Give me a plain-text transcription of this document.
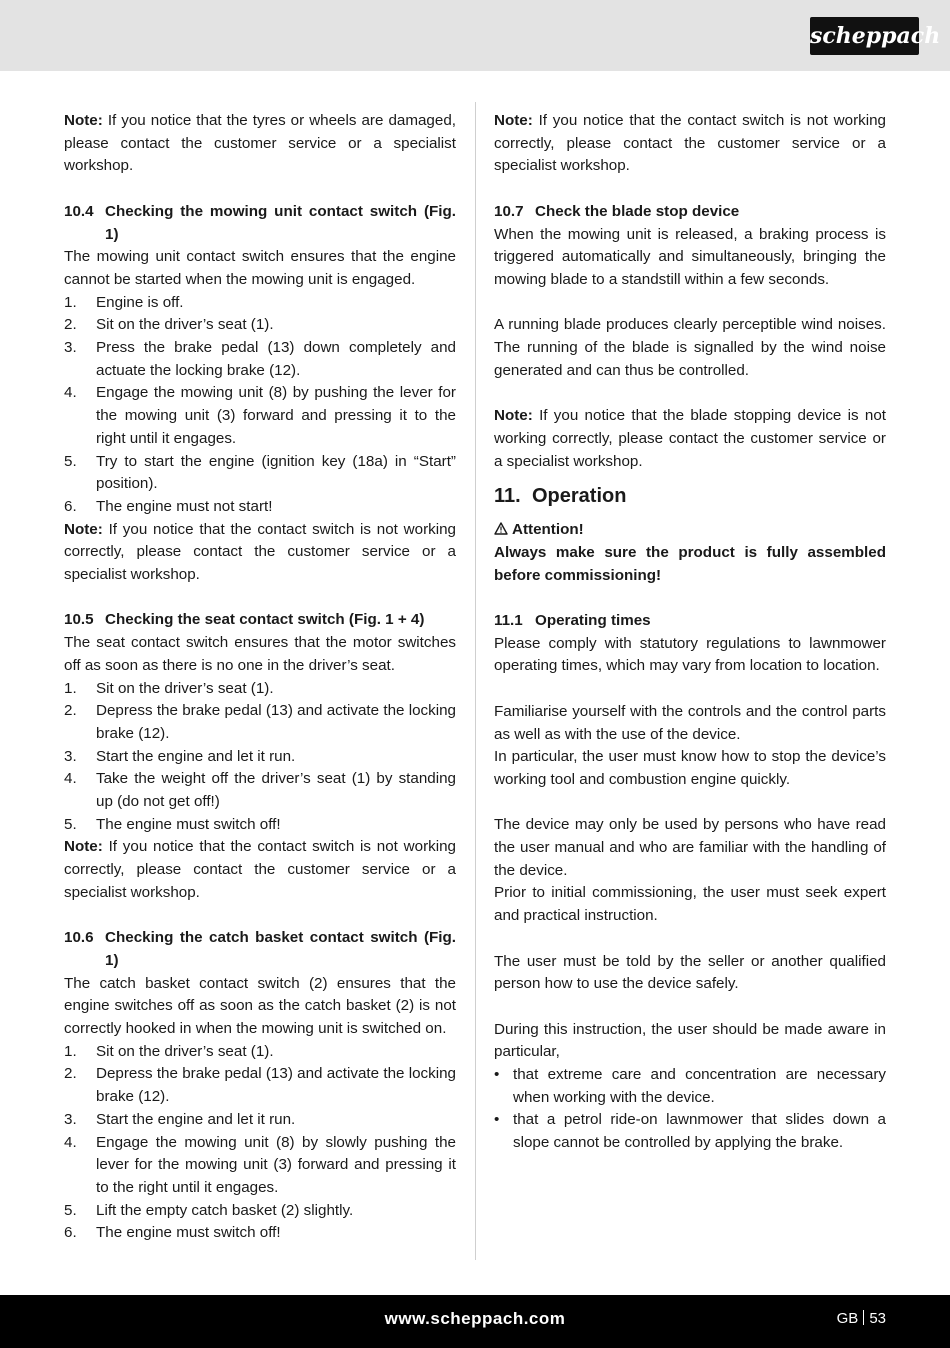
scheppach

Note: If you notice that the tyres or wheels are damaged, please contact the customer service or a specialist workshop.

10.4 Checking the mowing unit contact switch (Fig. 1)

The mowing unit contact switch ensures that the engine cannot be started when the mowing unit is engaged.

1.	Engine is off.
2.	Sit on the driver’s seat (1).
3.	Press the brake pedal (13) down completely and actuate the locking brake (12).
4.	Engage the mowing unit (8) by pushing the lever for the mowing unit (3) forward and pressing it to the right until it engages.
5.	Try to start the engine (ignition key (18a) in “Start” position).
6.	The engine must not start!

Note: If you notice that the contact switch is not working correctly, please contact the customer service or a specialist workshop.

10.5 Checking the seat contact switch (Fig. 1 + 4)

The seat contact switch ensures that the motor switches off as soon as there is no one in the driver’s seat.

1.	Sit on the driver’s seat (1).
2.	Depress the brake pedal (13) and activate the locking brake (12).
3.	Start the engine and let it run.
4.	Take the weight off the driver’s seat (1) by standing up (do not get off!)
5.	The engine must switch off!

Note: If you notice that the contact switch is not working correctly, please contact the customer service or a specialist workshop.

10.6 Checking the catch basket contact switch (Fig. 1)

The catch basket contact switch (2) ensures that the engine switches off as soon as the catch basket (2) is not correctly hooked in when the mowing unit is switched on.

1.	Sit on the driver’s seat (1).
2.	Depress the brake pedal (13) and activate the locking brake (12).
3.	Start the engine and let it run.
4.	Engage the mowing unit (8) by slowly pushing the lever for the mowing unit (3) forward and pressing it to the right until it engages.
5.	Lift the empty catch basket (2) slightly.
6.	The engine must switch off!

Note: If you notice that the contact switch is not working correctly, please contact the customer service or a specialist workshop.

10.7 Check the blade stop device

When the mowing unit is released, a braking process is triggered automatically and simultaneously, bringing the mowing blade to a standstill within a few seconds.

A running blade produces clearly perceptible wind noises. The running of the blade is signalled by the wind noise generated and can thus be controlled.

Note: If you notice that the blade stopping device is not working correctly, please contact the customer service or a specialist workshop.

11. Operation

Attention!

Always make sure the product is fully assembled before commissioning!

11.1 Operating times

Please comply with statutory regulations to lawnmower operating times, which may vary from location to location.

Familiarise yourself with the controls and the control parts as well as with the use of the device.

In particular, the user must know how to stop the device’s working tool and combustion engine quickly.

The device may only be used by persons who have read the user manual and who are familiar with the handling of the device.

Prior to initial commissioning, the user must seek expert and practical instruction.

The user must be told by the seller or another qualified person how to use the device safely.

During this instruction, the user should be made aware in particular,

• that extreme care and concentration are necessary when working with the device.
• that a petrol ride-on lawnmower that slides down a slope cannot be controlled by applying the brake.
www.scheppach.com	GB 53
